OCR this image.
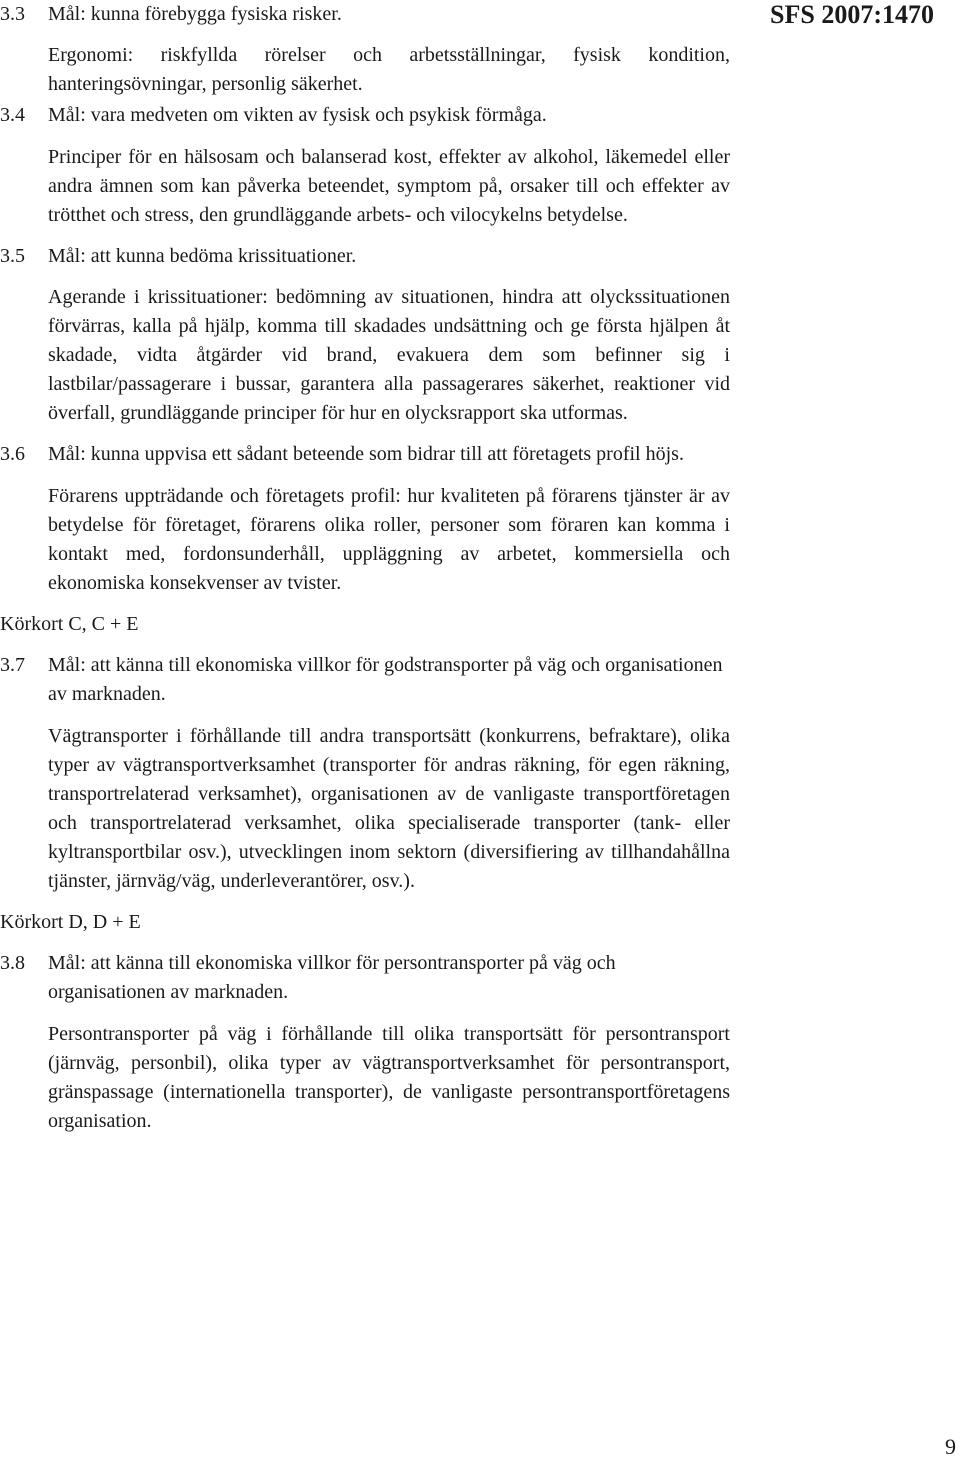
SFS 2007:1470

3.3 Mål: kunna förebygga fysiska risker.

Ergonomi: riskfyllda rörelser och arbetsställningar, fysisk kondition, hanteringsövningar, personlig säkerhet.

3.4 Mål: vara medveten om vikten av fysisk och psykisk förmåga.

Principer för en hälsosam och balanserad kost, effekter av alkohol, läkemedel eller andra ämnen som kan påverka beteendet, symptom på, orsaker till och effekter av trötthet och stress, den grundläggande arbets- och vilocykelns betydelse.

3.5 Mål: att kunna bedöma krissituationer.

Agerande i krissituationer: bedömning av situationen, hindra att olyckssituationen förvärras, kalla på hjälp, komma till skadades undsättning och ge första hjälpen åt skadade, vidta åtgärder vid brand, evakuera dem som befinner sig i lastbilar/passagerare i bussar, garantera alla passagerares säkerhet, reaktioner vid överfall, grundläggande principer för hur en olycksrapport ska utformas.

3.6 Mål: kunna uppvisa ett sådant beteende som bidrar till att företagets profil höjs.

Förarens uppträdande och företagets profil: hur kvaliteten på förarens tjänster är av betydelse för företaget, förarens olika roller, personer som föraren kan komma i kontakt med, fordonsunderhåll, uppläggning av arbetet, kommersiella och ekonomiska konsekvenser av tvister.

Körkort C, C + E

3.7 Mål: att känna till ekonomiska villkor för godstransporter på väg och organisationen av marknaden.

Vägtransporter i förhållande till andra transportsätt (konkurrens, befraktare), olika typer av vägtransportverksamhet (transporter för andras räkning, för egen räkning, transportrelaterad verksamhet), organisationen av de vanligaste transportföretagen och transportrelaterad verksamhet, olika specialiserade transporter (tank- eller kyltransportbilar osv.), utvecklingen inom sektorn (diversifiering av tillhandahållna tjänster, järnväg/väg, underleverantörer, osv.).

Körkort D, D + E

3.8 Mål: att känna till ekonomiska villkor för persontransporter på väg och organisationen av marknaden.

Persontransporter på väg i förhållande till olika transportsätt för persontransport (järnväg, personbil), olika typer av vägtransportverksamhet för persontransport, gränspassage (internationella transporter), de vanligaste persontransportföretagens organisation.

9
